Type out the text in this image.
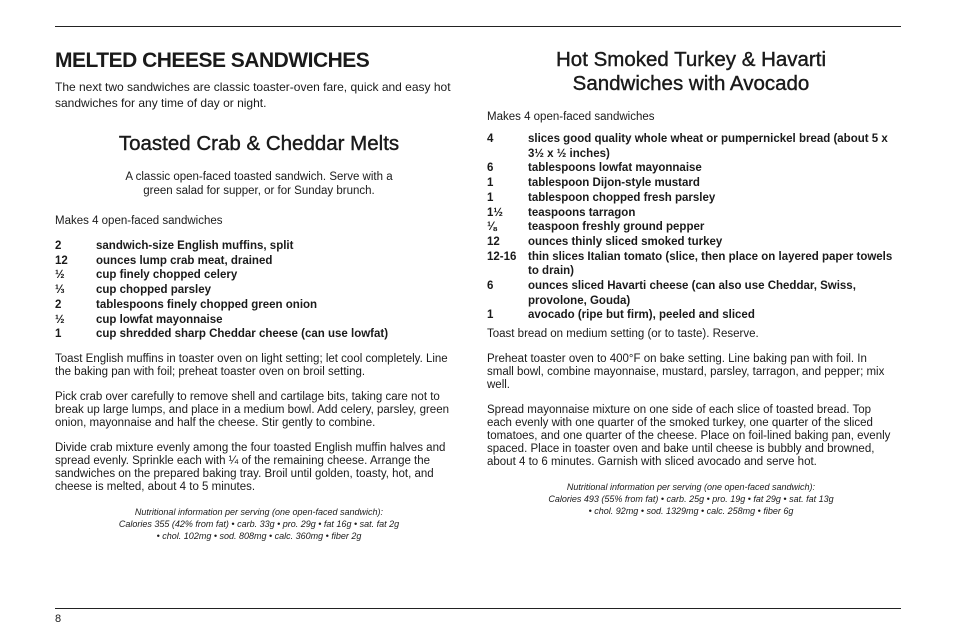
MELTED CHEESE SANDWICHES

The next two sandwiches are classic toaster-oven fare, quick and easy hot sandwiches for any time of day or night.

Toasted Crab & Cheddar Melts

A classic open-faced toasted sandwich. Serve with a green salad for supper, or for Sunday brunch.

Makes 4 open-faced sandwiches

2	sandwich-size English muffins, split
12	ounces lump crab meat, drained
½	cup finely chopped celery
⅓	cup chopped parsley
2	tablespoons finely chopped green onion
½	cup lowfat mayonnaise
1	cup shredded sharp Cheddar cheese (can use lowfat)

Toast English muffins in toaster oven on light setting; let cool completely. Line the baking pan with foil; preheat toaster oven on broil setting.

Pick crab over carefully to remove shell and cartilage bits, taking care not to break up large lumps, and place in a medium bowl. Add celery, parsley, green onion, mayonnaise and half the cheese. Stir gently to combine.

Divide crab mixture evenly among the four toasted English muffin halves and spread evenly. Sprinkle each with ¼ of the remaining cheese. Arrange the sandwiches on the prepared baking tray. Broil until golden, toasty, hot, and cheese is melted, about 4 to 5 minutes.

Nutritional information per serving (one open-faced sandwich):
Calories 355 (42% from fat) • carb. 33g • pro. 29g • fat 16g • sat. fat 2g
• chol. 102mg • sod. 808mg • calc. 360mg • fiber 2g
Hot Smoked Turkey & Havarti
Sandwiches with Avocado

Makes 4 open-faced sandwiches

4	slices good quality whole wheat or pumpernickel bread (about 5 x 3½ x ½ inches)
6	tablespoons lowfat mayonnaise
1	tablespoon Dijon-style mustard
1	tablespoon chopped fresh parsley
1½	teaspoons tarragon
⅛	teaspoon freshly ground pepper
12	ounces thinly sliced smoked turkey
12-16	thin slices Italian tomato (slice, then place on layered paper towels to drain)
6	ounces sliced Havarti cheese (can also use Cheddar, Swiss, provolone, Gouda)
1	avocado (ripe but firm), peeled and sliced

Toast bread on medium setting (or to taste). Reserve.

Preheat toaster oven to 400°F on bake setting. Line baking pan with foil. In small bowl, combine mayonnaise, mustard, parsley, tarragon, and pepper; mix well.

Spread mayonnaise mixture on one side of each slice of toasted bread. Top each evenly with one quarter of the smoked turkey, one quarter of the sliced tomatoes, and one quarter of the cheese. Place on foil-lined baking pan, evenly spaced. Place in toaster oven and bake until cheese is bubbly and browned, about 4 to 6 minutes. Garnish with sliced avocado and serve hot.

Nutritional information per serving (one open-faced sandwich):
Calories 493 (55% from fat) • carb. 25g • pro. 19g • fat 29g • sat. fat 13g
• chol. 92mg • sod. 1329mg • calc. 258mg • fiber 6g
8
